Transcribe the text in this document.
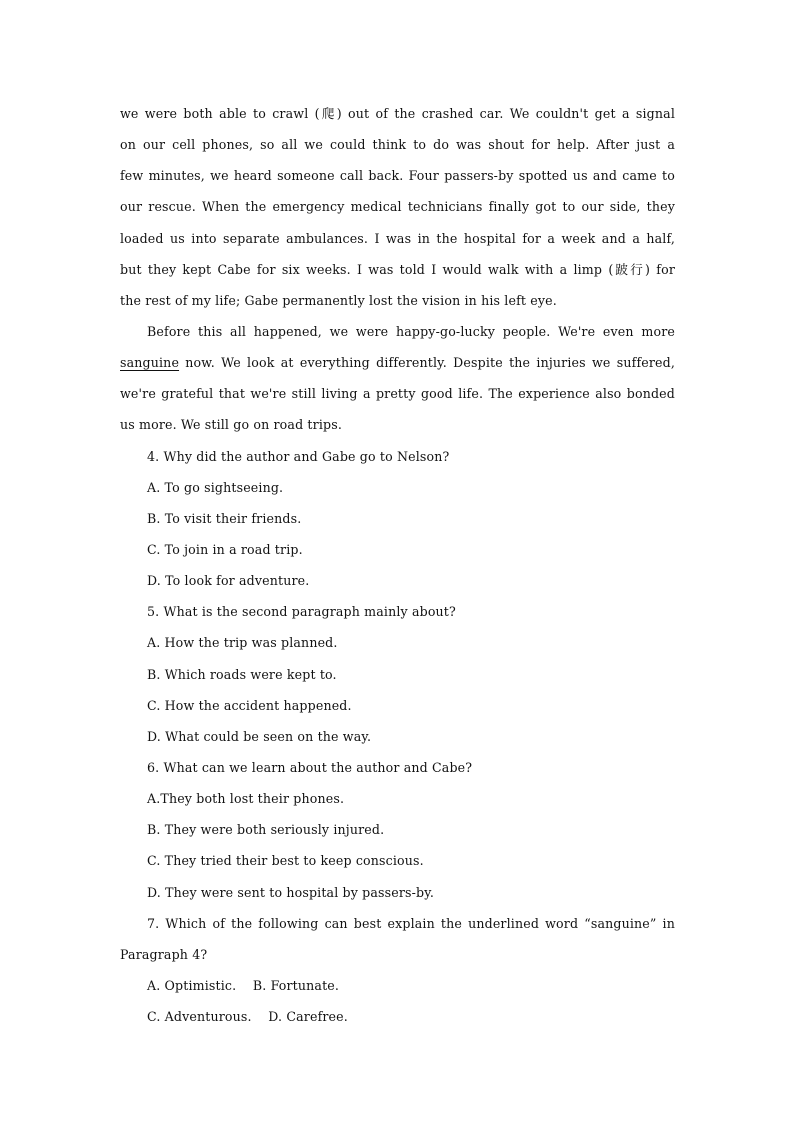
we were both able to crawl (爬) out of the crashed car. We couldn't get a signal
on our cell phones, so all we could think to do was shout for help. After just a
few minutes, we heard someone call back. Four passers-by spotted us and came to
our rescue. When the emergency medical technicians finally got to our side, they
loaded us into separate ambulances. I was in the hospital for a week and a half,
but they kept Cabe for six weeks. I was told I would walk with a limp (跛行) for
the rest of my life; Gabe permanently lost the vision in his left eye.
Before this all happened, we were happy-go-lucky people. We're even more
sanguine now. We look at everything differently. Despite the injuries we suffered,
we're grateful that we're still living a pretty good life. The experience also bonded
us more. We still go on road trips.
4. Why did the author and Gabe go to Nelson?
A. To go sightseeing.
B. To visit their friends.
C. To join in a road trip.
D. To look for adventure.
5. What is the second paragraph mainly about?
A. How the trip was planned.
B. Which roads were kept to.
C. How the accident happened.
D. What could be seen on the way.
6. What can we learn about the author and Cabe?
A.They both lost their phones.
B. They were both seriously injured.
C. They tried their best to keep conscious.
D. They were sent to hospital by passers-by.
7. Which of the following can best explain the underlined word “sanguine” in
Paragraph 4?
A. Optimistic.    B. Fortunate.
C. Adventurous.    D. Carefree.
